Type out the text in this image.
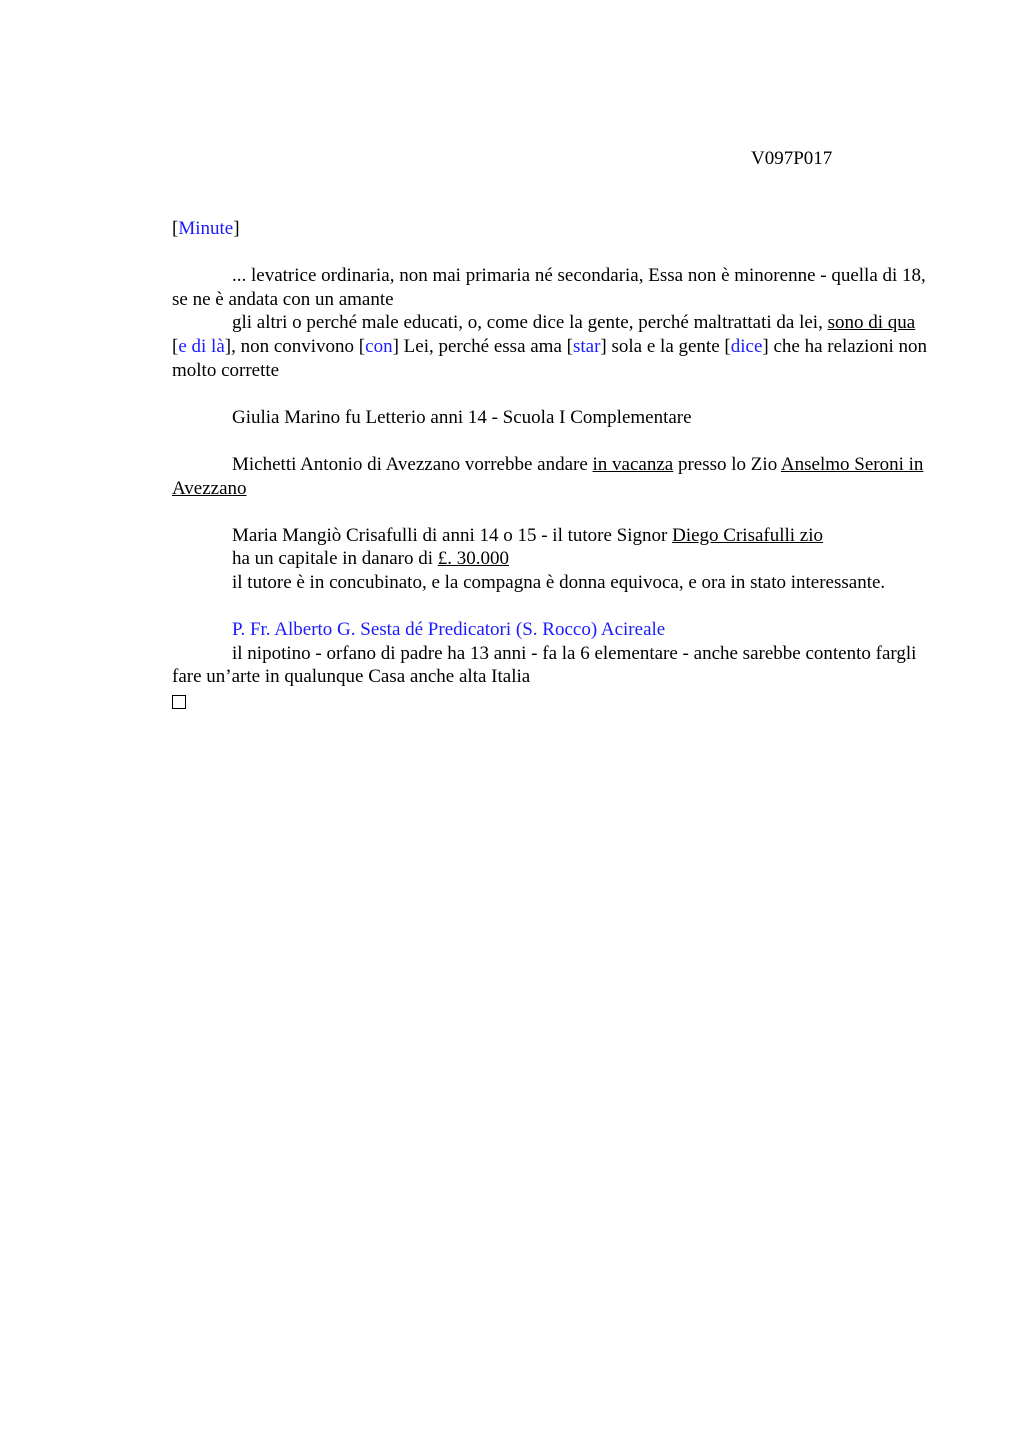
V097P017
[Minute]

... levatrice ordinaria, non mai primaria né secondaria, Essa non è minorenne - quella di 18, se ne è andata con un amante

gli altri o perché male educati, o, come dice la gente, perché maltrattati da lei, sono di qua [e di là], non convivono [con] Lei, perché essa ama [star] sola e la gente [dice] che ha relazioni non molto corrette

Giulia Marino fu Letterio anni 14 - Scuola I Complementare

Michetti Antonio di Avezzano vorrebbe andare in vacanza presso lo Zio Anselmo Seroni in Avezzano

Maria Mangiò Crisafulli di anni 14 o 15 - il tutore Signor Diego Crisafulli zio

ha un capitale in danaro di £. 30.000

il tutore è in concubinato, e la compagna è donna equivoca, e ora in stato interessante.

P. Fr. Alberto G. Sesta dé Predicatori (S. Rocco) Acireale

il nipotino - orfano di padre ha 13 anni - fa la 6 elementare - anche sarebbe contento fargli fare un’arte in qualunque Casa anche alta Italia
